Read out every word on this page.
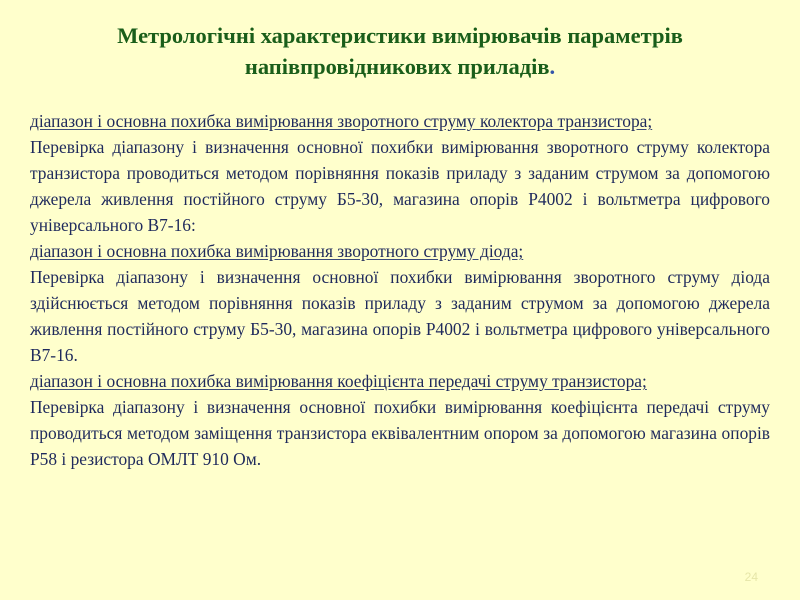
Метрологічні характеристики вимірювачів параметрів напівпровідникових приладів.

діапазон і основна похибка вимірювання зворотного струму колектора транзистора;

Перевірка діапазону і визначення основної похибки вимірювання зворотного струму колектора транзистора проводиться методом порівняння показів приладу з заданим струмом за допомогою джерела живлення постійного струму Б5-30, магазина опорів Р4002 і вольтметра цифрового універсального В7-16:

діапазон і основна похибка вимірювання зворотного струму діода;

Перевірка діапазону і визначення основної похибки вимірювання зворотного струму діода здійснюється методом порівняння показів приладу з заданим струмом за допомогою джерела живлення постійного струму Б5-30, магазина опорів Р4002 і вольтметра цифрового універсального В7-16.

діапазон і основна похибка вимірювання коефіцієнта передачі струму транзистора;

Перевірка діапазону і визначення основної похибки вимірювання коефіцієнта передачі струму проводиться методом заміщення транзистора еквівалентним опором за допомогою магазина опорів Р58 і резистора ОМЛТ 910 Ом.

24
